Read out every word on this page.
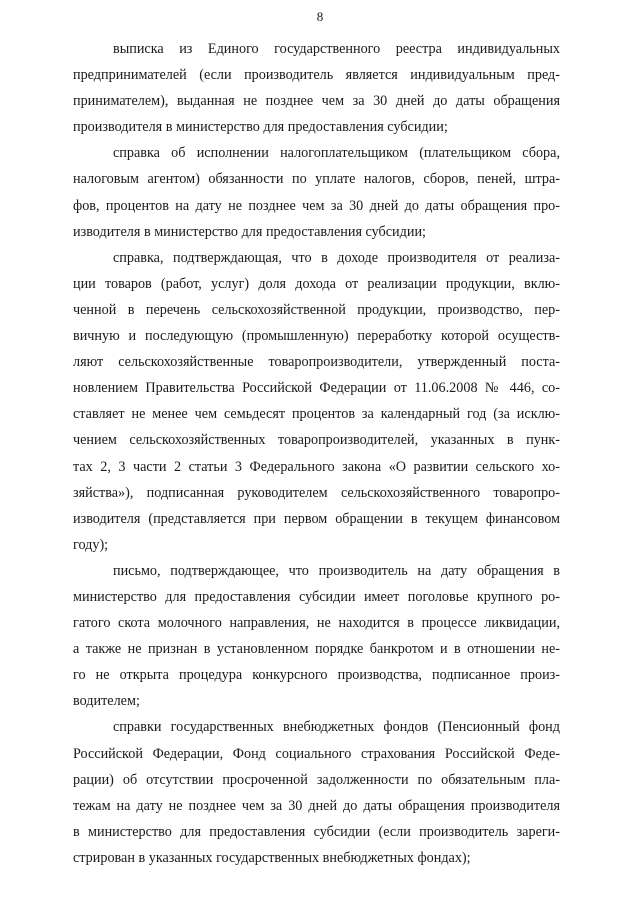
8
выписка из Единого государственного реестра индивидуальных
предпринимателей (если производитель является индивидуальным пред-
принимателем), выданная не позднее чем за 30 дней до даты обращения
производителя в министерство для предоставления субсидии;
справка об исполнении налогоплательщиком (плательщиком сбора,
налоговым агентом) обязанности по уплате налогов, сборов, пеней, штра-
фов, процентов на дату не позднее чем за 30 дней до даты обращения про-
изводителя в министерство для предоставления субсидии;
справка, подтверждающая, что в доходе производителя от реализа-
ции товаров (работ, услуг) доля дохода от реализации продукции, вклю-
ченной в перечень сельскохозяйственной продукции, производство, пер-
вичную и последующую (промышленную) переработку которой осуществ-
ляют сельскохозяйственные товаропроизводители, утвержденный поста-
новлением Правительства Российской Федерации от 11.06.2008 № 446, со-
ставляет не менее чем семьдесят процентов за календарный год (за исклю-
чением сельскохозяйственных товаропроизводителей, указанных в пунк-
тах 2, 3 части 2 статьи 3 Федерального закона «О развитии сельского хо-
зяйства»), подписанная руководителем сельскохозяйственного товаропро-
изводителя (представляется при первом обращении в текущем финансовом
году);
письмо, подтверждающее, что производитель на дату обращения в
министерство для предоставления субсидии имеет поголовье крупного ро-
гатого скота молочного направления, не находится в процессе ликвидации,
а также не признан в установленном порядке банкротом и в отношении не-
го не открыта процедура конкурсного производства, подписанное произ-
водителем;
справки государственных внебюджетных фондов (Пенсионный фонд
Российской Федерации, Фонд социального страхования Российской Феде-
рации) об отсутствии просроченной задолженности по обязательным пла-
тежам на дату не позднее чем за 30 дней до даты обращения производителя
в министерство для предоставления субсидии (если производитель зареги-
стрирован в указанных государственных внебюджетных фондах);
